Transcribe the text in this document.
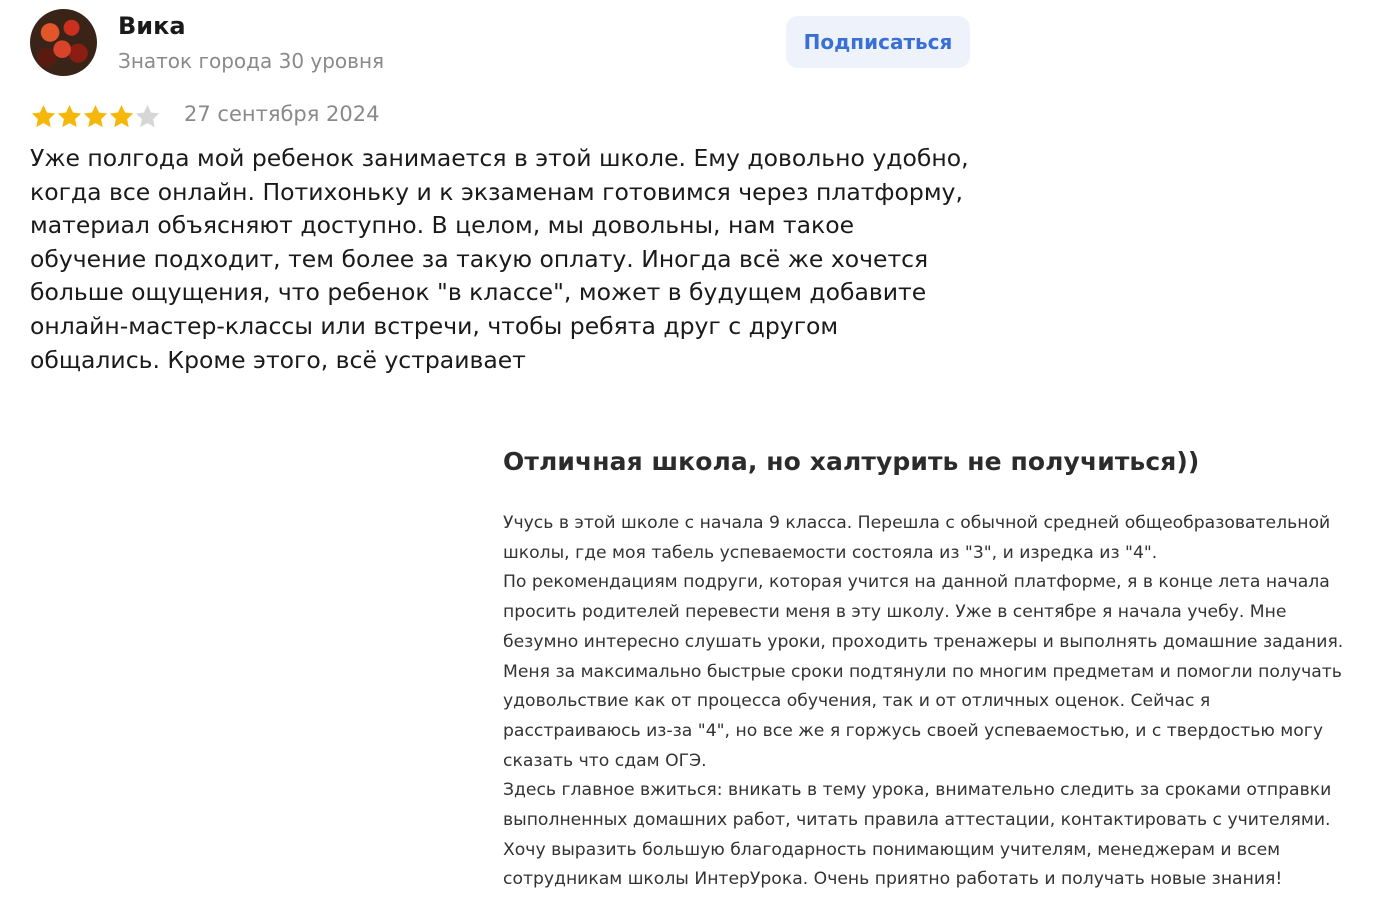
Вика
Знаток города 30 уровня
Подписаться
27 сентября 2024
Уже полгода мой ребенок занимается в этой школе. Ему довольно удобно,
когда все онлайн. Потихоньку и к экзаменам готовимся через платформу,
материал объясняют доступно. В целом, мы довольны, нам такое
обучение подходит, тем более за такую оплату. Иногда всё же хочется
больше ощущения, что ребенок "в классе", может в будущем добавите
онлайн-мастер-классы или встречи, чтобы ребята друг с другом
общались. Кроме этого, всё устраивает
Отличная школа, но халтурить не получиться))
Учусь в этой школе с начала 9 класса. Перешла с обычной средней общеобразовательной
школы, где моя табель успеваемости состояла из "3", и изредка из "4".
По рекомендациям подруги, которая учится на данной платформе, я в конце лета начала
просить родителей перевести меня в эту школу. Уже в сентябре я начала учебу. Мне
безумно интересно слушать уроки, проходить тренажеры и выполнять домашние задания.
Меня за максимально быстрые сроки подтянули по многим предметам и помогли получать
удовольствие как от процесса обучения, так и от отличных оценок. Сейчас я
расстраиваюсь из-за "4", но все же я горжусь своей успеваемостью, и с твердостью могу
сказать что сдам ОГЭ.
Здесь главное вжиться: вникать в тему урока, внимательно следить за сроками отправки
выполненных домашних работ, читать правила аттестации, контактировать с учителями.
Хочу выразить большую благодарность понимающим учителям, менеджерам и всем
сотрудникам школы ИнтерУрока. Очень приятно работать и получать новые знания!
